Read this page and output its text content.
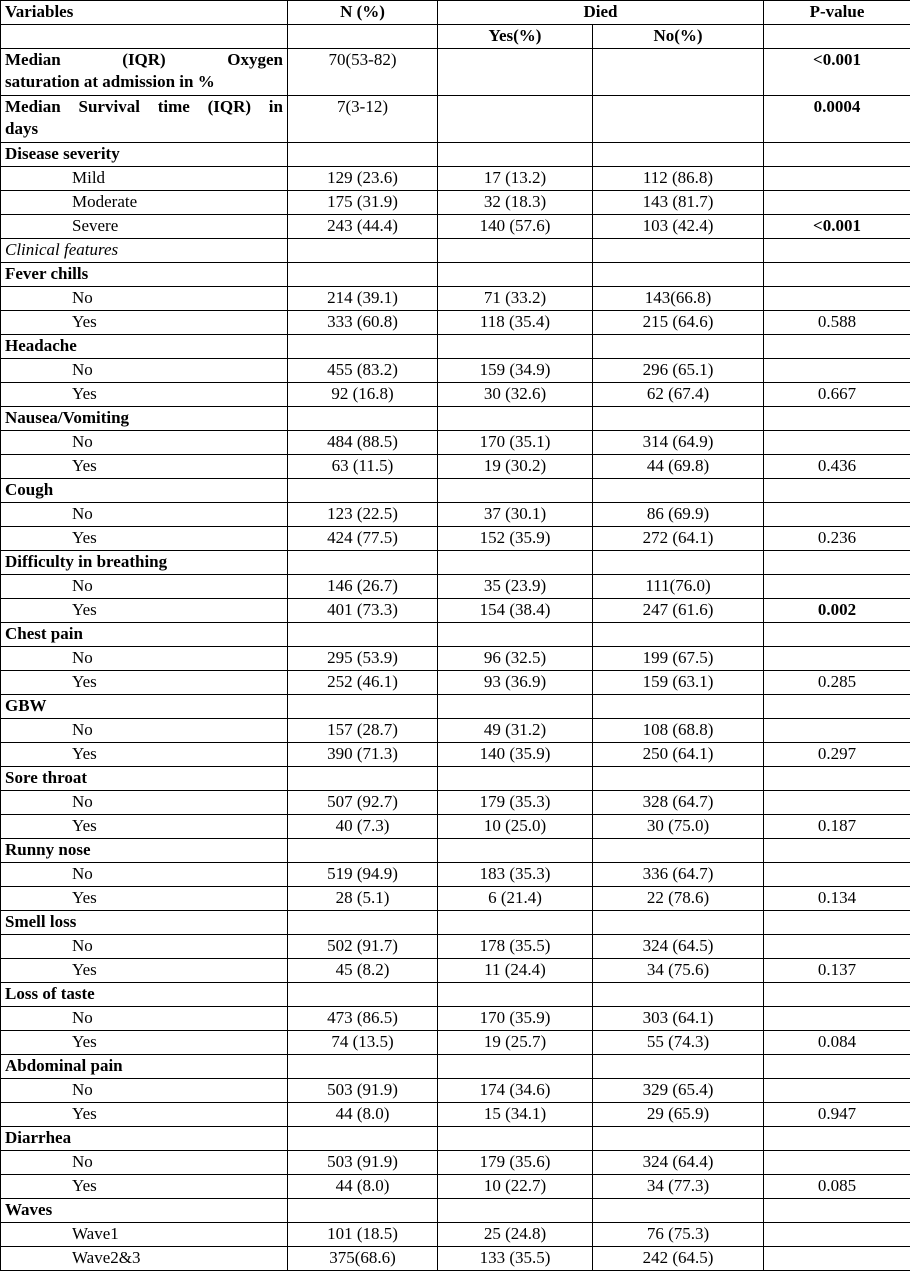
Variables	N (%)	Died		P-value
		Yes(%)	No(%)	

Median (IQR) Oxygen
saturation at admission in %	70(53-82)			<0.001

Median Survival time (IQR) in
days	7(3-12)			0.0004
Disease severity				
Mild	129 (23.6)	17 (13.2)	112 (86.8)	
Moderate	175 (31.9)	32 (18.3)	143 (81.7)	
Severe	243 (44.4)	140 (57.6)	103 (42.4)	<0.001
Clinical features				
Fever chills				
No	214 (39.1)	71 (33.2)	143(66.8)	
Yes	333 (60.8)	118 (35.4)	215 (64.6)	0.588
Headache				
No	455 (83.2)	159 (34.9)	296 (65.1)	
Yes	92 (16.8)	30 (32.6)	62 (67.4)	0.667
Nausea/Vomiting				
No	484 (88.5)	170 (35.1)	314 (64.9)	
Yes	63 (11.5)	19 (30.2)	44 (69.8)	0.436
Cough				
No	123 (22.5)	37 (30.1)	86 (69.9)	
Yes	424 (77.5)	152 (35.9)	272 (64.1)	0.236
Difficulty in breathing				
No	146 (26.7)	35 (23.9)	111(76.0)	
Yes	401 (73.3)	154 (38.4)	247 (61.6)	0.002
Chest pain				
No	295 (53.9)	96 (32.5)	199 (67.5)	
Yes	252 (46.1)	93 (36.9)	159 (63.1)	0.285
GBW				
No	157 (28.7)	49 (31.2)	108 (68.8)	
Yes	390 (71.3)	140 (35.9)	250 (64.1)	0.297
Sore throat				
No	507 (92.7)	179 (35.3)	328 (64.7)	
Yes	40 (7.3)	10 (25.0)	30 (75.0)	0.187
Runny nose				
No	519 (94.9)	183 (35.3)	336 (64.7)	
Yes	28 (5.1)	6 (21.4)	22 (78.6)	0.134
Smell loss				
No	502 (91.7)	178 (35.5)	324 (64.5)	
Yes	45 (8.2)	11 (24.4)	34 (75.6)	0.137
Loss of taste				
No	473 (86.5)	170 (35.9)	303 (64.1)	
Yes	74 (13.5)	19 (25.7)	55 (74.3)	0.084
Abdominal pain				
No	503 (91.9)	174 (34.6)	329 (65.4)	
Yes	44 (8.0)	15 (34.1)	29 (65.9)	0.947
Diarrhea				
No	503 (91.9)	179 (35.6)	324 (64.4)	
Yes	44 (8.0)	10 (22.7)	34 (77.3)	0.085
Waves				
Wave1	101 (18.5)	25 (24.8)	76 (75.3)	
Wave2&3	375(68.6)	133 (35.5)	242 (64.5)	
